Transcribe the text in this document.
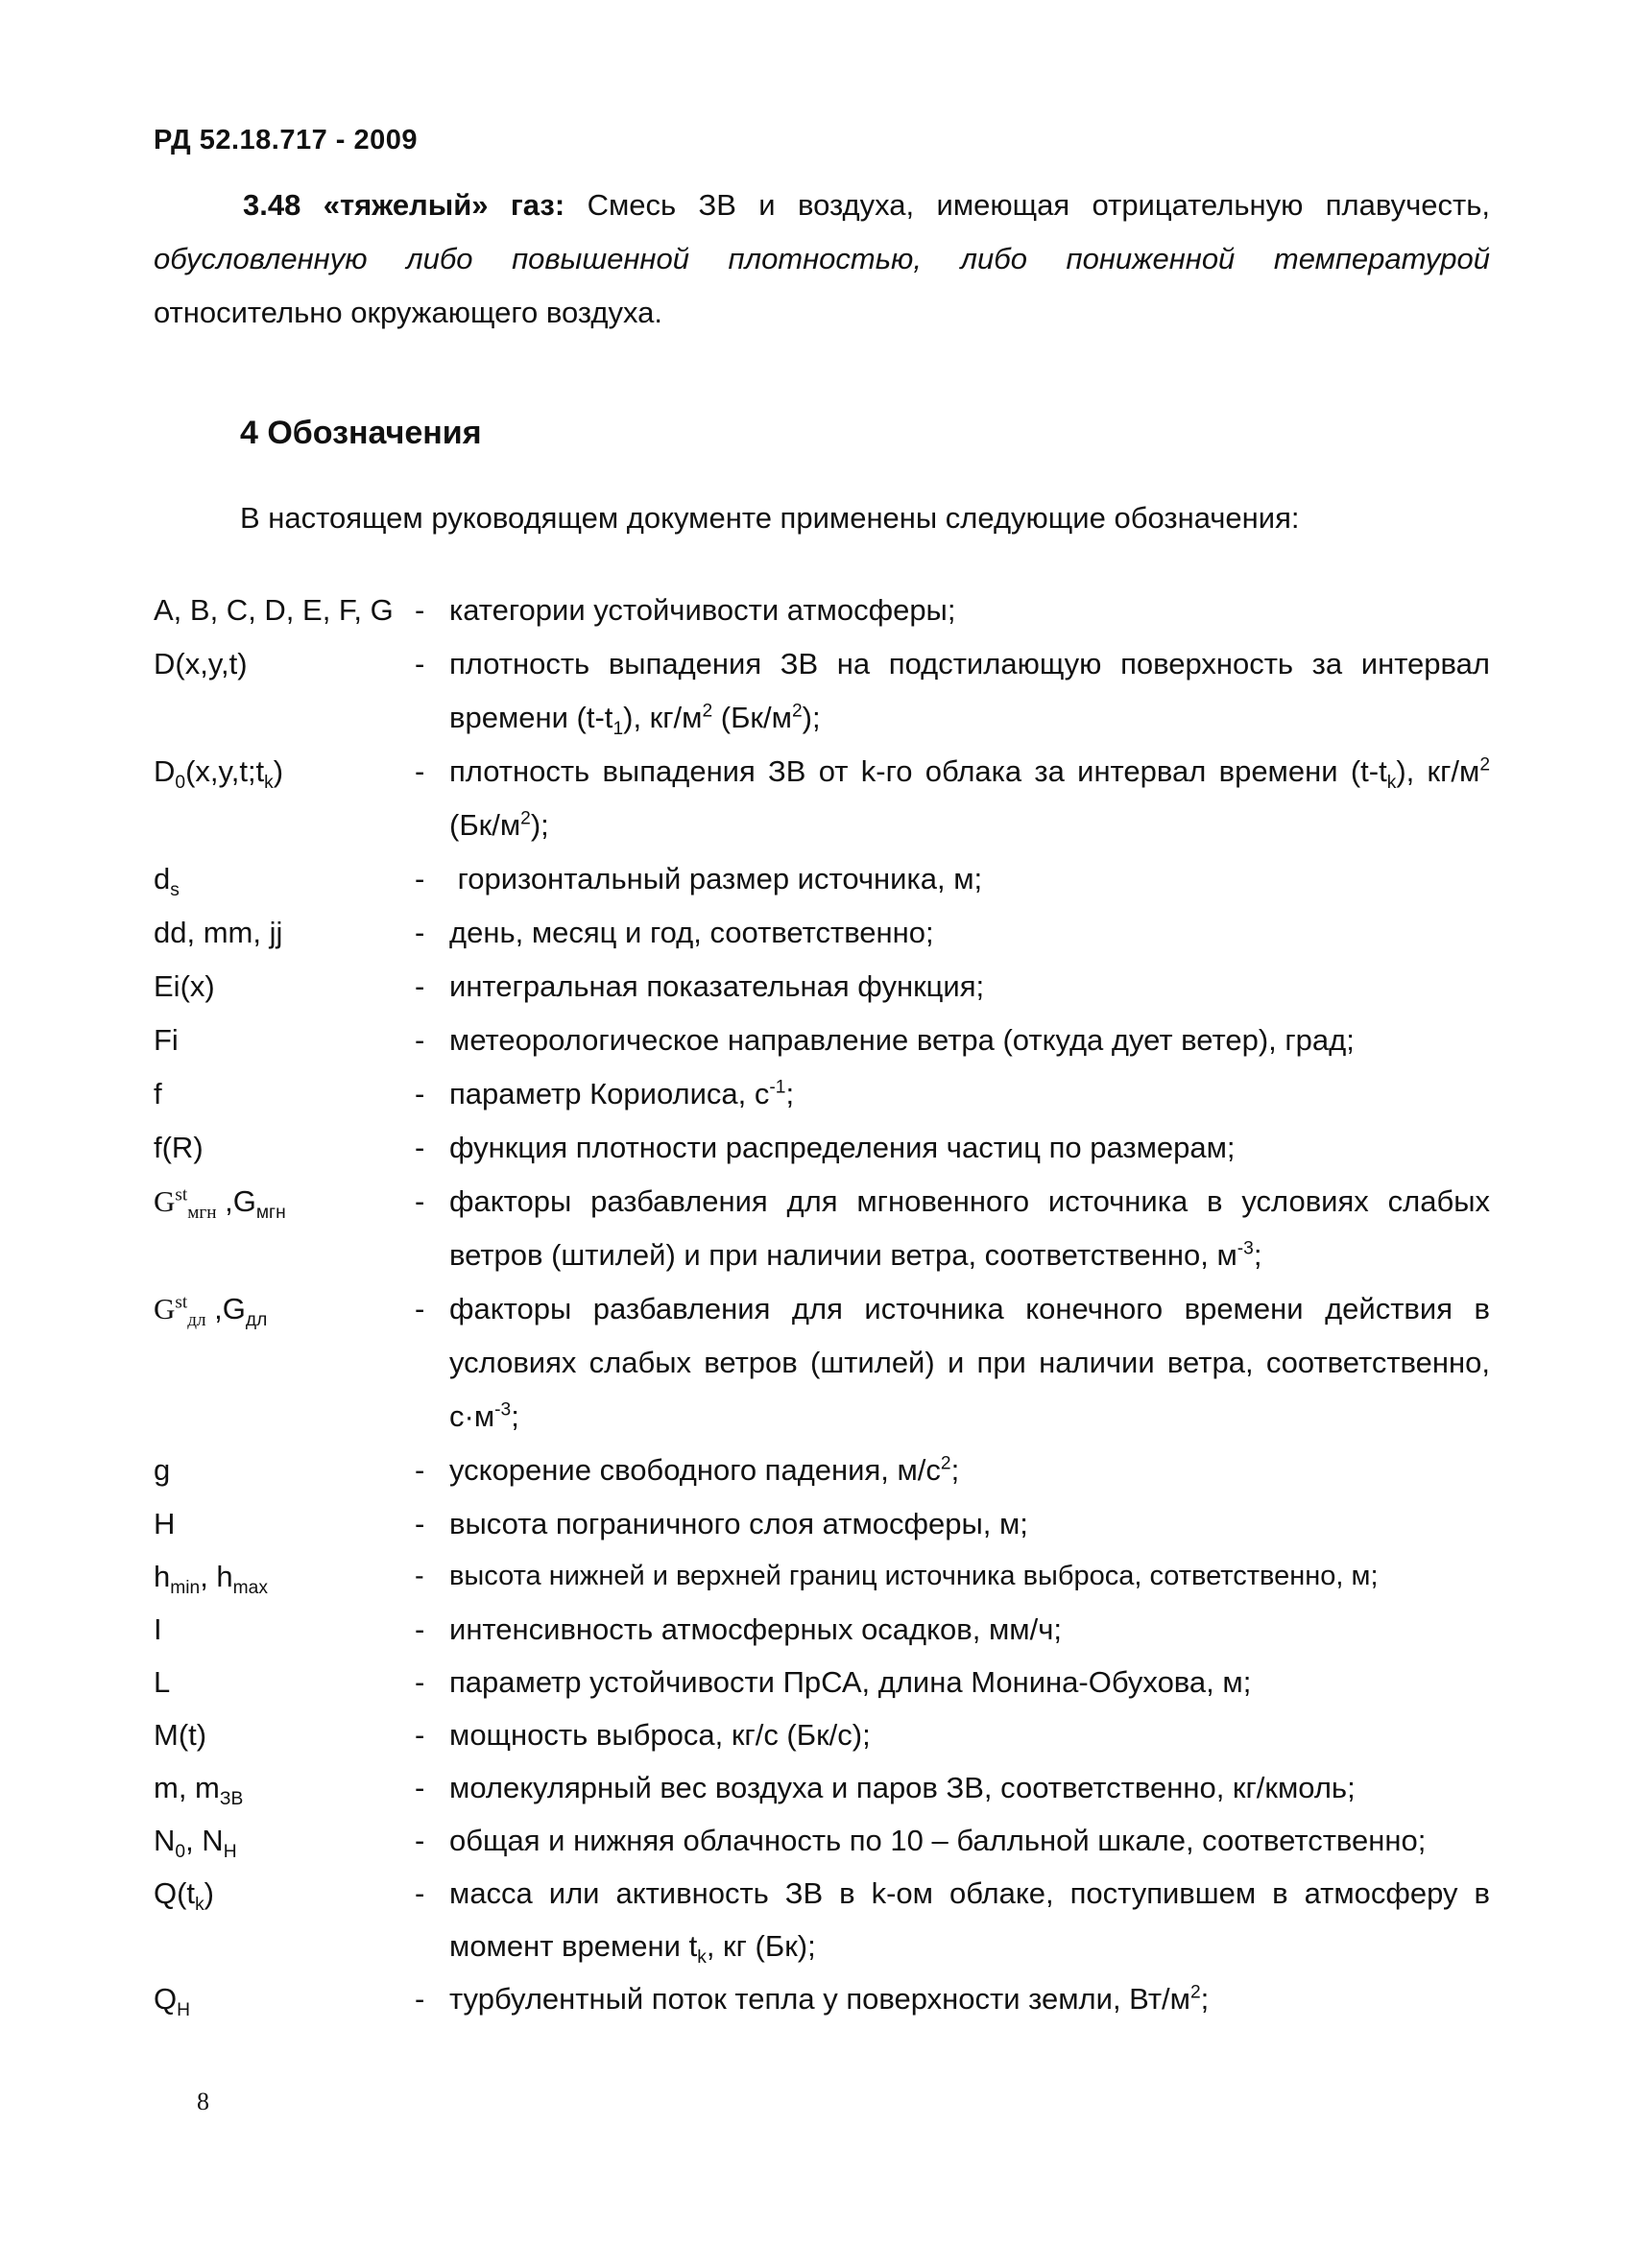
РД 52.18.717 - 2009
3.48 «тяжелый» газ: Смесь ЗВ и воздуха, имеющая отрицательную плавучесть, обусловленную либо повышенной плотностью, либо пониженной температурой относительно окружающего воздуха.
4 Обозначения
В настоящем руководящем документе применены следующие обозначения:
A, B, C, D, E, F, G - категории устойчивости атмосферы;
D(x,y,t)	- плотность выпадения ЗВ на подстилающую поверхность за интервал времени $(t-t_1)$, $кг/м^2$ $(Бк/м^2)$;
$D_0(x,y,t;t_k)$	- плотность выпадения ЗВ от k-го облака за интервал времени $(t-t_k)$, $кг/м^2$ $(Бк/м^2)$;
$d_s$	- горизонтальный размер источника, м;
dd, mm, jj	- день, месяц и год, соответственно;
Ei(x)	- интегральная показательная функция;
Fi	- метеорологическое направление ветра (откуда дует ветер), град;
f	- параметр Кориолиса, $с^{-1}$;
f(R)	- функция плотности распределения частиц по размерам;
$G^{st}_{мгн}$ $,G_{мгн}$	- факторы разбавления для мгновенного источника в условиях слабых ветров (штилей) и при наличии ветра, соответственно, $м^{-3}$;
$G^{st}_{дл}$ $,G_{дл}$	- факторы разбавления для источника конечного времени действия в условиях слабых ветров (штилей) и при наличии ветра, соответственно, $с\cdot м^{-3}$;
g	- ускорение свободного падения, $м/с^2$;
H	- высота пограничного слоя атмосферы, м;
$h_{min}$, $h_{max}$	- высота нижней и верхней границ источника выброса, сответственно, м;
I	- интенсивность атмосферных осадков, мм/ч;
L	- параметр устойчивости ПрСА, длина Монина-Обухова, м;
M(t)	- мощность выброса, кг/с (Бк/с);
m, $m_{ЗВ}$	- молекулярный вес воздуха и паров ЗВ, соответственно, кг/кмоль;
$N_0$, $N_H$	- общая и нижняя облачность по 10 – балльной шкале, соответственно;
$Q(t_k)$	- масса или активность ЗВ в k-ом облаке, поступившем в атмосферу в момент времени $t_k$, кг (Бк);
$Q_H$	- турбулентный поток тепла у поверхности земли, $Вт/м^2$;
8
